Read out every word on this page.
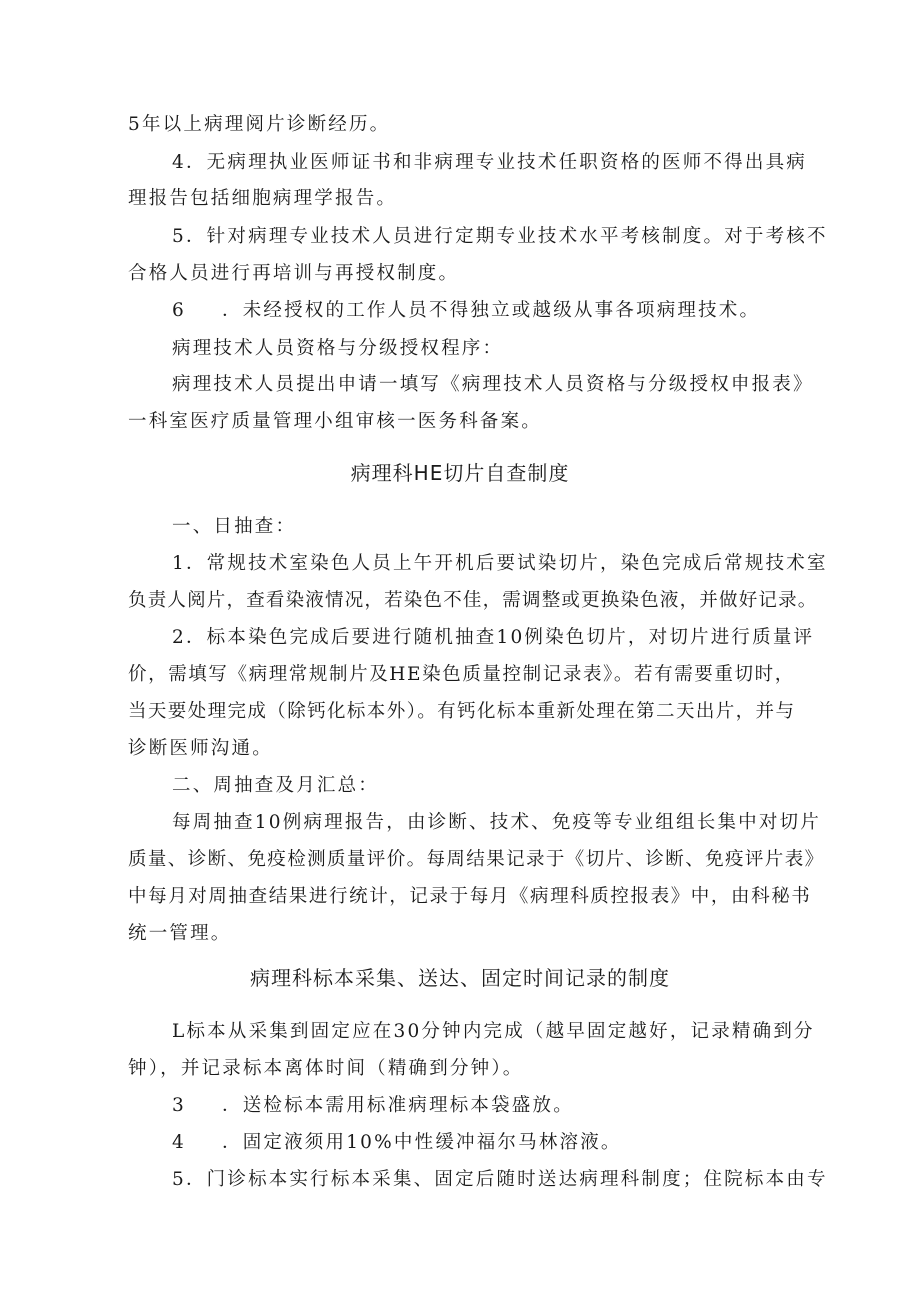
5年以上病理阅片诊断经历。
4．无病理执业医师证书和非病理专业技术任职资格的医师不得出具病
理报告包括细胞病理学报告。
5．针对病理专业技术人员进行定期专业技术水平考核制度。对于考核不
合格人员进行再培训与再授权制度。
6	．未经授权的工作人员不得独立或越级从事各项病理技术。
病理技术人员资格与分级授权程序：
病理技术人员提出申请一填写《病理技术人员资格与分级授权申报表》
一科室医疗质量管理小组审核一医务科备案。
病理科HE切片自查制度
一、日抽查：
1．常规技术室染色人员上午开机后要试染切片，染色完成后常规技术室
负责人阅片，查看染液情况，若染色不佳，需调整或更换染色液，并做好记录。
2．标本染色完成后要进行随机抽查10例染色切片，对切片进行质量评
价，需填写《病理常规制片及HE染色质量控制记录表》。若有需要重切时，
当天要处理完成（除钙化标本外）。有钙化标本重新处理在第二天出片，并与
诊断医师沟通。
二、周抽查及月汇总：
每周抽查10例病理报告，由诊断、技术、免疫等专业组组长集中对切片
质量、诊断、免疫检测质量评价。每周结果记录于《切片、诊断、免疫评片表》
中每月对周抽查结果进行统计，记录于每月《病理科质控报表》中，由科秘书
统一管理。
病理科标本采集、送达、固定时间记录的制度
L标本从采集到固定应在30分钟内完成（越早固定越好，记录精确到分
钟），并记录标本离体时间（精确到分钟）。
3	．送检标本需用标准病理标本袋盛放。
4	．固定液须用10%中性缓冲福尔马林溶液。
5．门诊标本实行标本采集、固定后随时送达病理科制度；住院标本由专
